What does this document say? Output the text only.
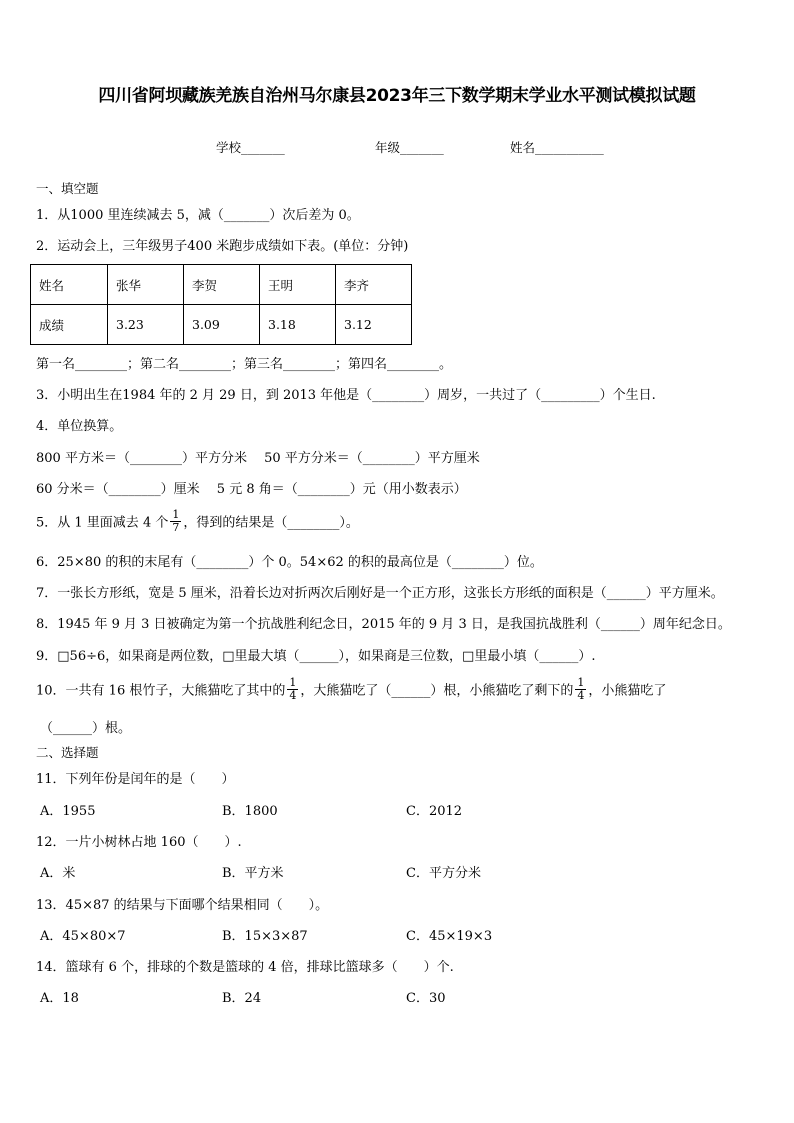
四川省阿坝藏族羌族自治州马尔康县2023年三下数学期末学业水平测试模拟试题
学校_______	年级_______	姓名___________
一、填空题
1．从1000 里连续减去 5，减（_______）次后差为 0。
2．运动会上，三年级男子400 米跑步成绩如下表。(单位：分钟)
姓名	张华	李贺	王明	李齐
成绩	3.23	3.09	3.18	3.12
第一名________；第二名________；第三名________；第四名________。
3．小明出生在1984 年的 2 月 29 日，到 2013 年他是（________）周岁，一共过了（_________）个生日.
4．单位换算。
800 平方米＝（________）平方分米　 50 平方分米＝（________）平方厘米
60 分米＝（________）厘米　 5 元 8 角＝（________）元（用小数表示）
5．从 1 里面减去 4 个 $\frac{1}{7}$ ，得到的结果是（________）。
6．25×80 的积的末尾有（________）个 0。54×62 的积的最高位是（________）位。
7．一张长方形纸，宽是 5 厘米，沿着长边对折两次后刚好是一个正方形，这张长方形纸的面积是（______）平方厘米。
8．1945 年 9 月 3 日被确定为第一个抗战胜利纪念日，2015 年的 9 月 3 日，是我国抗战胜利（______）周年纪念日。
9．□56÷6，如果商是两位数，□里最大填（______），如果商是三位数，□里最小填（______）.
10．一共有 16 根竹子，大熊猫吃了其中的 $\frac{1}{4}$ ，大熊猫吃了（______）根，小熊猫吃了剩下的 $\frac{1}{4}$ ，小熊猫吃了
（______）根。
二、选择题
11．下列年份是闰年的是（　　）
A．1955	B．1800	C．2012
12．一片小树林占地 160（　　）.
A．米	B．平方米	C．平方分米
13．45×87 的结果与下面哪个结果相同（　　）。
A．45×80×7	B．15×3×87	C．45×19×3
14．篮球有 6 个，排球的个数是篮球的 4 倍，排球比篮球多（　　）个.
A．18	B．24	C．30
